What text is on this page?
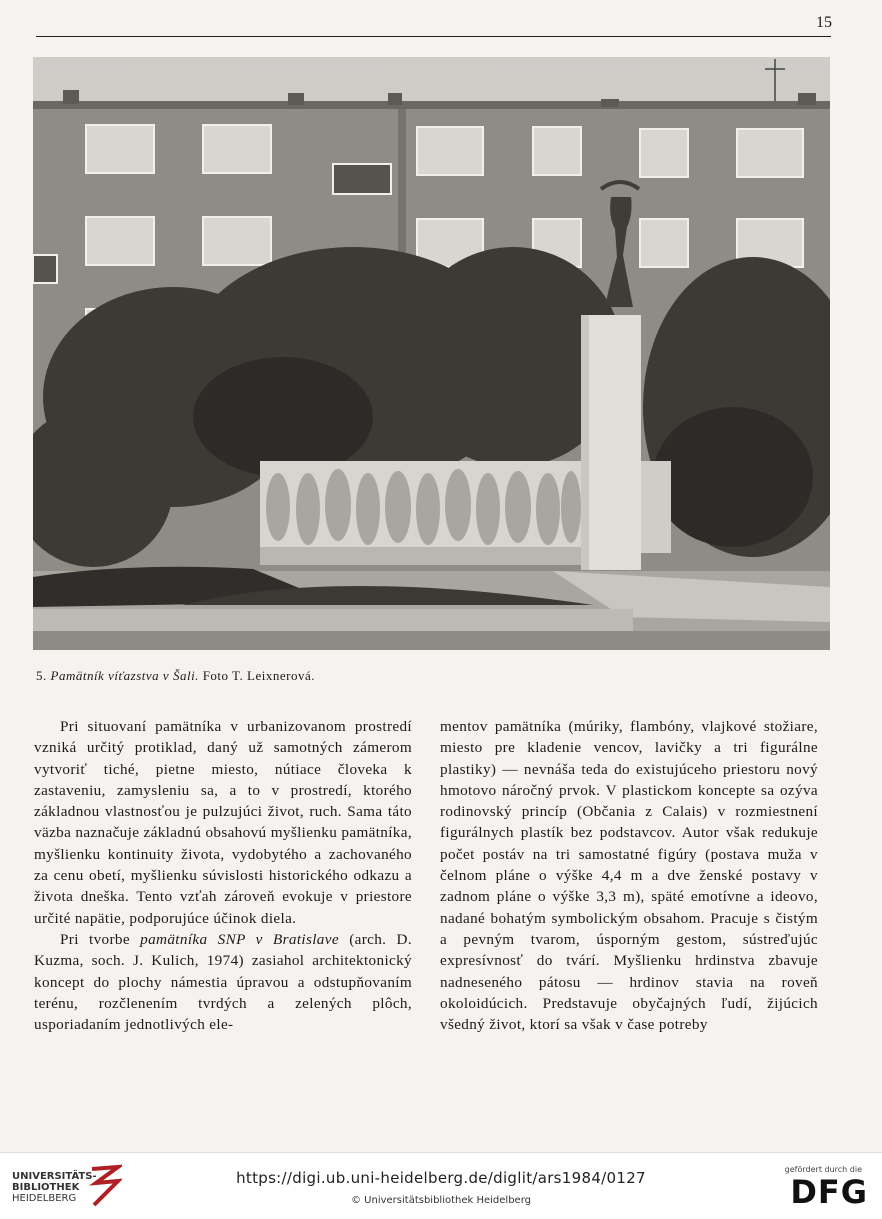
15
5. Pamätník víťazstva v Šali. Foto T. Leixnerová.

Pri situovaní pamätníka v urbanizovanom prostredí vzniká určitý protiklad, daný už samotných zámerom vytvoriť tiché, pietne miesto, nútiace človeka k zastaveniu, zamysleniu sa, a to v prostredí, ktorého základnou vlastnosťou je pulzujúci život, ruch. Sama táto väzba naznačuje základnú obsahovú myšlienku pamätníka, myšlienku kontinuity života, vydobytého a zachovaného za cenu obetí, myšlienku súvislosti historického odkazu a života dneška. Tento vzťah zároveň evokuje v priestore určité napätie, podporujúce účinok diela.

Pri tvorbe pamätníka SNP v Bratislave (arch. D. Kuzma, soch. J. Kulich, 1974) zasiahol architektonický koncept do plochy námestia úpravou a odstupňovaním terénu, rozčlenením tvrdých a zelených plôch, usporiadaním jednotlivých ele-

mentov pamätníka (múriky, flambóny, vlajkové stožiare, miesto pre kladenie vencov, lavičky a tri figurálne plastiky) — nevnáša teda do existujúceho priestoru nový hmotovo náročný prvok. V plastickom koncepte sa ozýva rodinovský princíp (Občania z Calais) v rozmiestnení figurálnych plastík bez podstavcov. Autor však redukuje počet postáv na tri samostatné figúry (postava muža v čelnom pláne o výške 4,4 m a dve ženské postavy v zadnom pláne o výške 3,3 m), späté emotívne a ideovo, nadané bohatým symbolickým obsahom. Pracuje s čistým a pevným tvarom, úsporným gestom, sústreďujúc expresívnosť do tvárí. Myšlienku hrdinstva zbavuje nadneseného pátosu — hrdinov stavia na roveň okoloidúcich. Predstavuje obyčajných ľudí, žijúcich všedný život, ktorí sa však v čase potreby

UNIVERSITÄTS-
BIBLIOTHEK
HEIDELBERG
https://digi.ub.uni-heidelberg.de/diglit/ars1984/0127
© Universitätsbibliothek Heidelberg
gefördert durch die
DFG
